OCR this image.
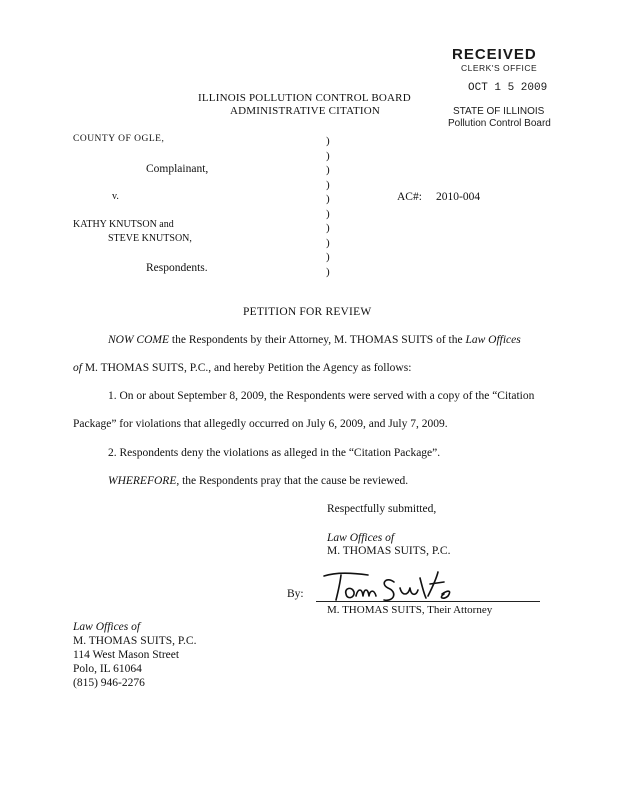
RECEIVED
CLERK'S OFFICE
OCT 1 5 2009
STATE OF ILLINOIS
Pollution Control Board
ILLINOIS POLLUTION CONTROL BOARD
ADMINISTRATIVE CITATION
COUNTY OF OGLE,
Complainant,
v.
KATHY KNUTSON and
STEVE KNUTSON,
Respondents.
)
)
)
)
)
)
)
)
)
)
AC#: 2010-004
PETITION FOR REVIEW
NOW COME the Respondents by their Attorney, M. THOMAS SUITS of the Law Offices
of M. THOMAS SUITS, P.C., and hereby Petition the Agency as follows:
1. On or about September 8, 2009, the Respondents were served with a copy of the “Citation
Package” for violations that allegedly occurred on July 6, 2009, and July 7, 2009.
2. Respondents deny the violations as alleged in the “Citation Package”.
WHEREFORE, the Respondents pray that the cause be reviewed.
Respectfully submitted,
Law Offices of
M. THOMAS SUITS, P.C.
By:
M. THOMAS SUITS, Their Attorney
Law Offices of
M. THOMAS SUITS, P.C.
114 West Mason Street
Polo, IL 61064
(815) 946-2276
